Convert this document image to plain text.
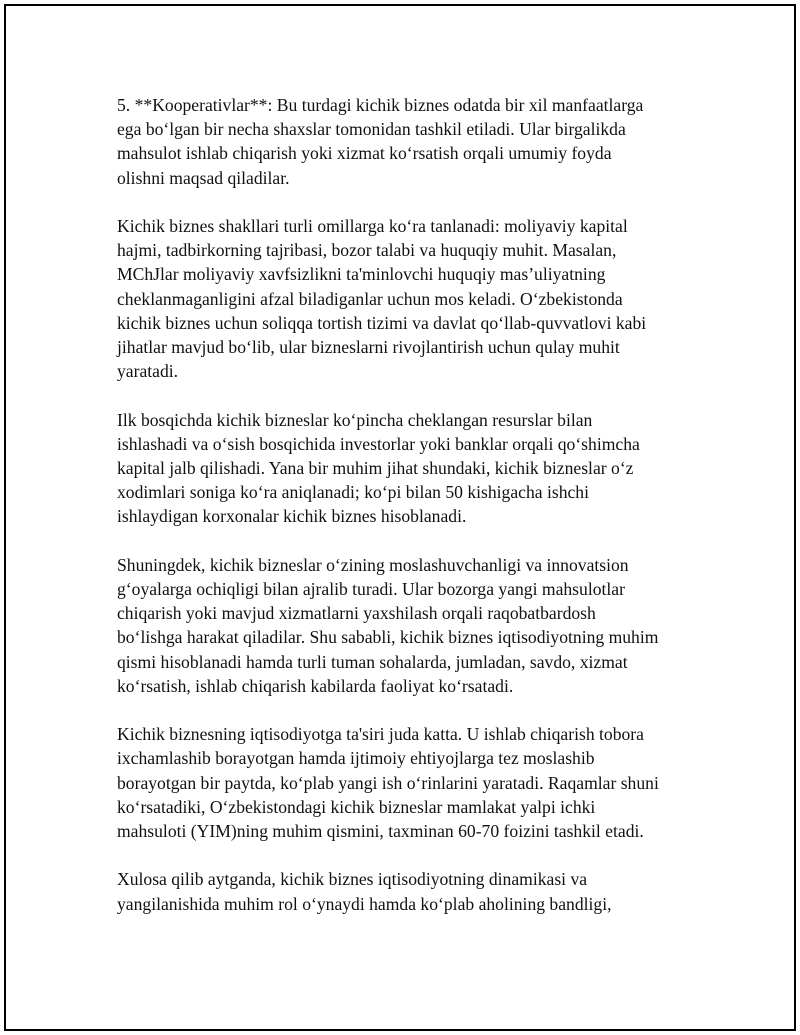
5. **Kooperativlar**: Bu turdagi kichik biznes odatda bir xil manfaatlarga
ega bo‘lgan bir necha shaxslar tomonidan tashkil etiladi. Ular birgalikda
mahsulot ishlab chiqarish yoki xizmat ko‘rsatish orqali umumiy foyda
olishni maqsad qiladilar.

Kichik biznes shakllari turli omillarga ko‘ra tanlanadi: moliyaviy kapital
hajmi, tadbirkorning tajribasi, bozor talabi va huquqiy muhit. Masalan,
MChJlar moliyaviy xavfsizlikni ta'minlovchi huquqiy mas’uliyatning
cheklanmaganligini afzal biladiganlar uchun mos keladi. O‘zbekistonda
kichik biznes uchun soliqqa tortish tizimi va davlat qo‘llab-quvvatlovi kabi
jihatlar mavjud bo‘lib, ular bizneslarni rivojlantirish uchun qulay muhit
yaratadi.

Ilk bosqichda kichik bizneslar ko‘pincha cheklangan resurslar bilan
ishlashadi va o‘sish bosqichida investorlar yoki banklar orqali qo‘shimcha
kapital jalb qilishadi. Yana bir muhim jihat shundaki, kichik bizneslar o‘z
xodimlari soniga ko‘ra aniqlanadi; ko‘pi bilan 50 kishigacha ishchi
ishlaydigan korxonalar kichik biznes hisoblanadi.

Shuningdek, kichik bizneslar o‘zining moslashuvchanligi va innovatsion
g‘oyalarga ochiqligi bilan ajralib turadi. Ular bozorga yangi mahsulotlar
chiqarish yoki mavjud xizmatlarni yaxshilash orqali raqobatbardosh
bo‘lishga harakat qiladilar. Shu sababli, kichik biznes iqtisodiyotning muhim
qismi hisoblanadi hamda turli tuman sohalarda, jumladan, savdo, xizmat
ko‘rsatish, ishlab chiqarish kabilarda faoliyat ko‘rsatadi.

Kichik biznesning iqtisodiyotga ta'siri juda katta. U ishlab chiqarish tobora
ixchamlashib borayotgan hamda ijtimoiy ehtiyojlarga tez moslashib
borayotgan bir paytda, ko‘plab yangi ish o‘rinlarini yaratadi. Raqamlar shuni
ko‘rsatadiki, O‘zbekistondagi kichik bizneslar mamlakat yalpi ichki
mahsuloti (YIM)ning muhim qismini, taxminan 60-70 foizini tashkil etadi.

Xulosa qilib aytganda, kichik biznes iqtisodiyotning dinamikasi va
yangilanishida muhim rol o‘ynaydi hamda ko‘plab aholining bandligi,
